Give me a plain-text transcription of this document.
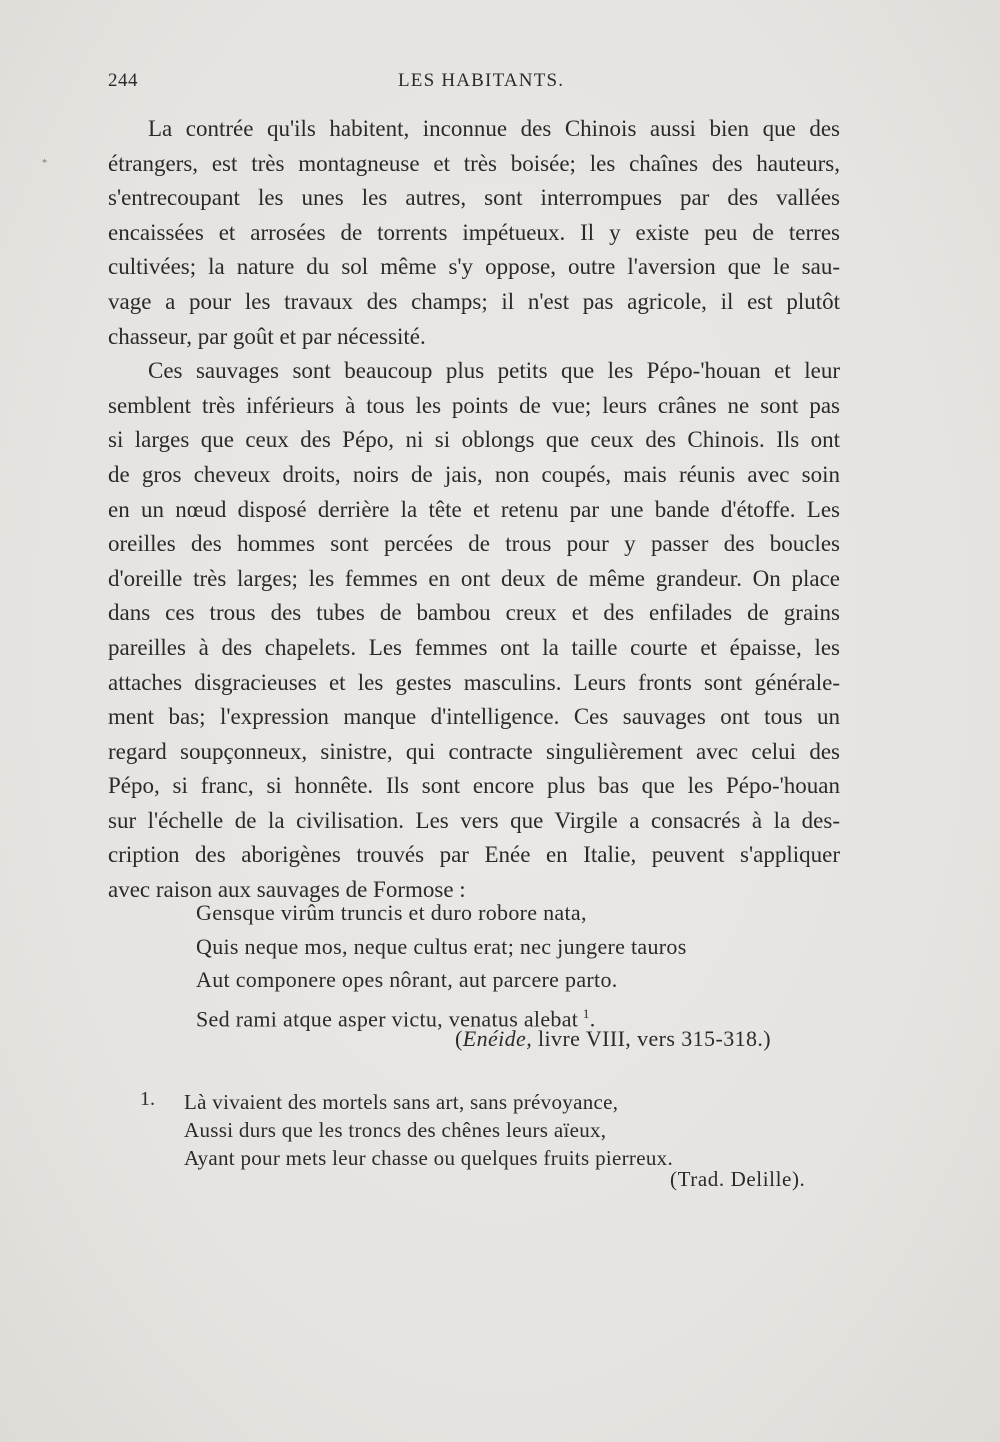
244	LES HABITANTS.
*
La contrée qu'ils habitent, inconnue des Chinois aussi bien que des
étrangers, est très montagneuse et très boisée; les chaînes des hauteurs,
s'entrecoupant les unes les autres, sont interrompues par des vallées
encaissées et arrosées de torrents impétueux. Il y existe peu de terres
cultivées; la nature du sol même s'y oppose, outre l'aversion que le sau-
vage a pour les travaux des champs; il n'est pas agricole, il est plutôt
chasseur, par goût et par nécessité.
Ces sauvages sont beaucoup plus petits que les Pépo-'houan et leur
semblent très inférieurs à tous les points de vue; leurs crânes ne sont pas
si larges que ceux des Pépo, ni si oblongs que ceux des Chinois. Ils ont
de gros cheveux droits, noirs de jais, non coupés, mais réunis avec soin
en un nœud disposé derrière la tête et retenu par une bande d'étoffe. Les
oreilles des hommes sont percées de trous pour y passer des boucles
d'oreille très larges; les femmes en ont deux de même grandeur. On place
dans ces trous des tubes de bambou creux et des enfilades de grains
pareilles à des chapelets. Les femmes ont la taille courte et épaisse, les
attaches disgracieuses et les gestes masculins. Leurs fronts sont générale-
ment bas; l'expression manque d'intelligence. Ces sauvages ont tous un
regard soupçonneux, sinistre, qui contracte singulièrement avec celui des
Pépo, si franc, si honnête. Ils sont encore plus bas que les Pépo-'houan
sur l'échelle de la civilisation. Les vers que Virgile a consacrés à la des-
cription des aborigènes trouvés par Enée en Italie, peuvent s'appliquer
avec raison aux sauvages de Formose :
Gensque virûm truncis et duro robore nata,
Quis neque mos, neque cultus erat; nec jungere tauros
Aut componere opes nôrant, aut parcere parto.
Sed rami atque asper victu, venatus alebat  $^1$.
(Enéide, livre VIII, vers 315-318.)
1. Là vivaient des mortels sans art, sans prévoyance,
Aussi durs que les troncs des chênes leurs aïeux,
Ayant pour mets leur chasse ou quelques fruits pierreux.
(Trad. Delille).
